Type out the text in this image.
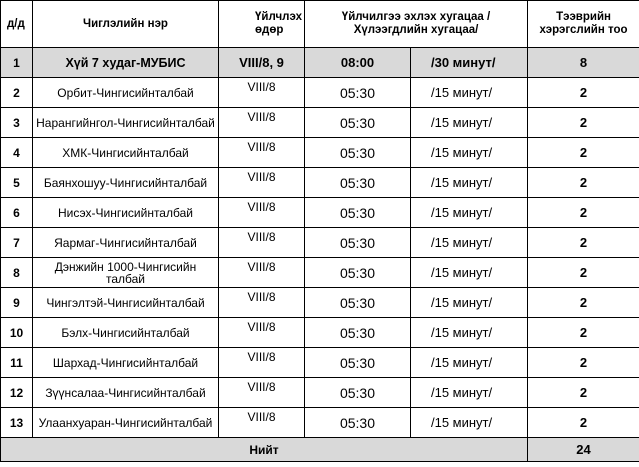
д/д	Чиглэлийн нэр	Үйлчлэх өдөр	Үйлчилгээ эхлэх хугацаа /Хүлээгдлийн хугацаа/		Тээврийн хэрэгслийн тоо
1	Хүй 7 худаг-МУБИС	VIII/8, 9	08:00	/30 минут/	8
2	Орбит-Чингисийнталбай	VIII/8	05:30	/15 минут/	2
3	Нарангийнгол-Чингисийнталбай	VIII/8	05:30	/15 минут/	2
4	ХМК-Чингисийнталбай	VIII/8	05:30	/15 минут/	2
5	Баянхошуу-Чингисийнталбай	VIII/8	05:30	/15 минут/	2
6	Нисэх-Чингисийнталбай	VIII/8	05:30	/15 минут/	2
7	Яармаг-Чингисийнталбай	VIII/8	05:30	/15 минут/	2
8	Дэнжийн 1000-Чингисийн талбай	VIII/8	05:30	/15 минут/	2
9	Чингэлтэй-Чингисийнталбай	VIII/8	05:30	/15 минут/	2
10	Бэлх-Чингисийнталбай	VIII/8	05:30	/15 минут/	2
11	Шархад-Чингисийнталбай	VIII/8	05:30	/15 минут/	2
12	Зүүнсалаа-Чингисийнталбай	VIII/8	05:30	/15 минут/	2
13	Улаанхуаран-Чингисийнталбай	VIII/8	05:30	/15 минут/	2
Нийт					24
